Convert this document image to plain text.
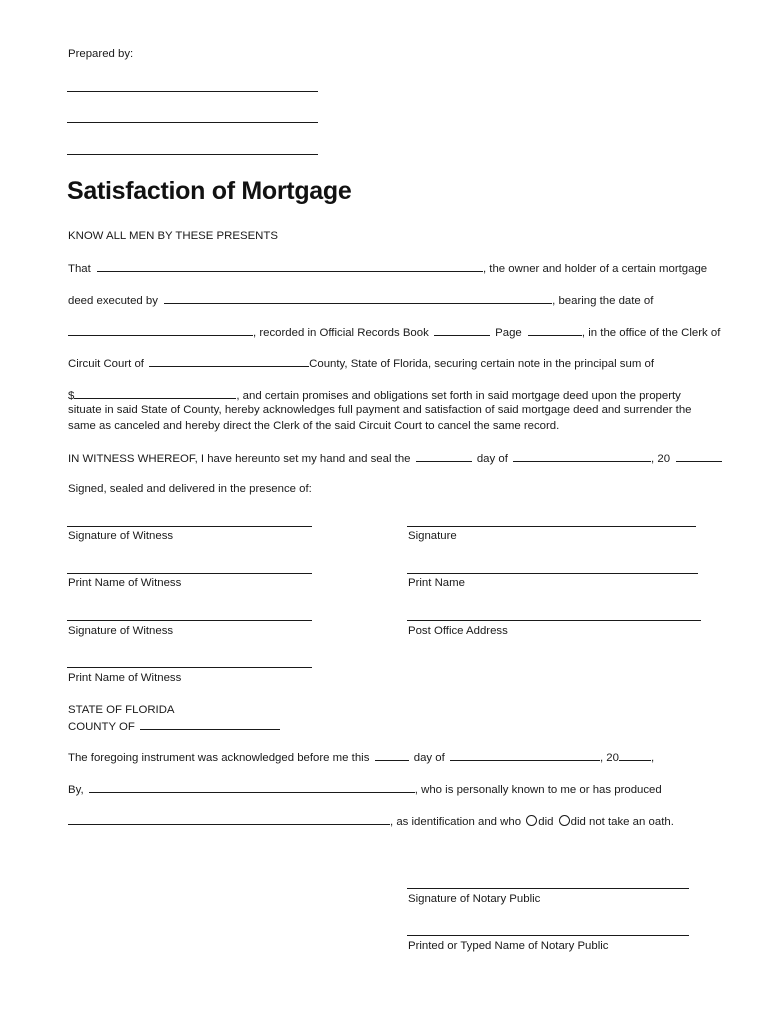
Prepared by:
Satisfaction of Mortgage
KNOW ALL MEN BY THESE PRESENTS
That	, the owner and holder of a certain mortgage
deed executed by	, bearing the date of
, recorded in Official Records Book	Page	, in the office of the Clerk of
Circuit Court of	County, State of Florida, securing certain note in the principal sum of
$	, and certain promises and obligations set forth in said mortgage deed upon the property
situate in said State of County, hereby acknowledges full payment and satisfaction of said mortgage deed and surrender the
same as canceled and hereby direct the Clerk of the said Circuit Court to cancel the same record.
IN WITNESS WHEREOF, I have hereunto set my hand and seal the	day of	, 20
Signed, sealed and delivered in the presence of:
Signature of Witness	Signature
Print Name of Witness	Print Name
Signature of Witness	Post Office Address
Print Name of Witness
STATE OF FLORIDA
COUNTY OF
The foregoing instrument was acknowledged before me this	day of	, 20	,
By,	, who is personally known to me or has produced
, as identification and who did did not take an oath.
Signature of Notary Public
Printed or Typed Name of Notary Public
